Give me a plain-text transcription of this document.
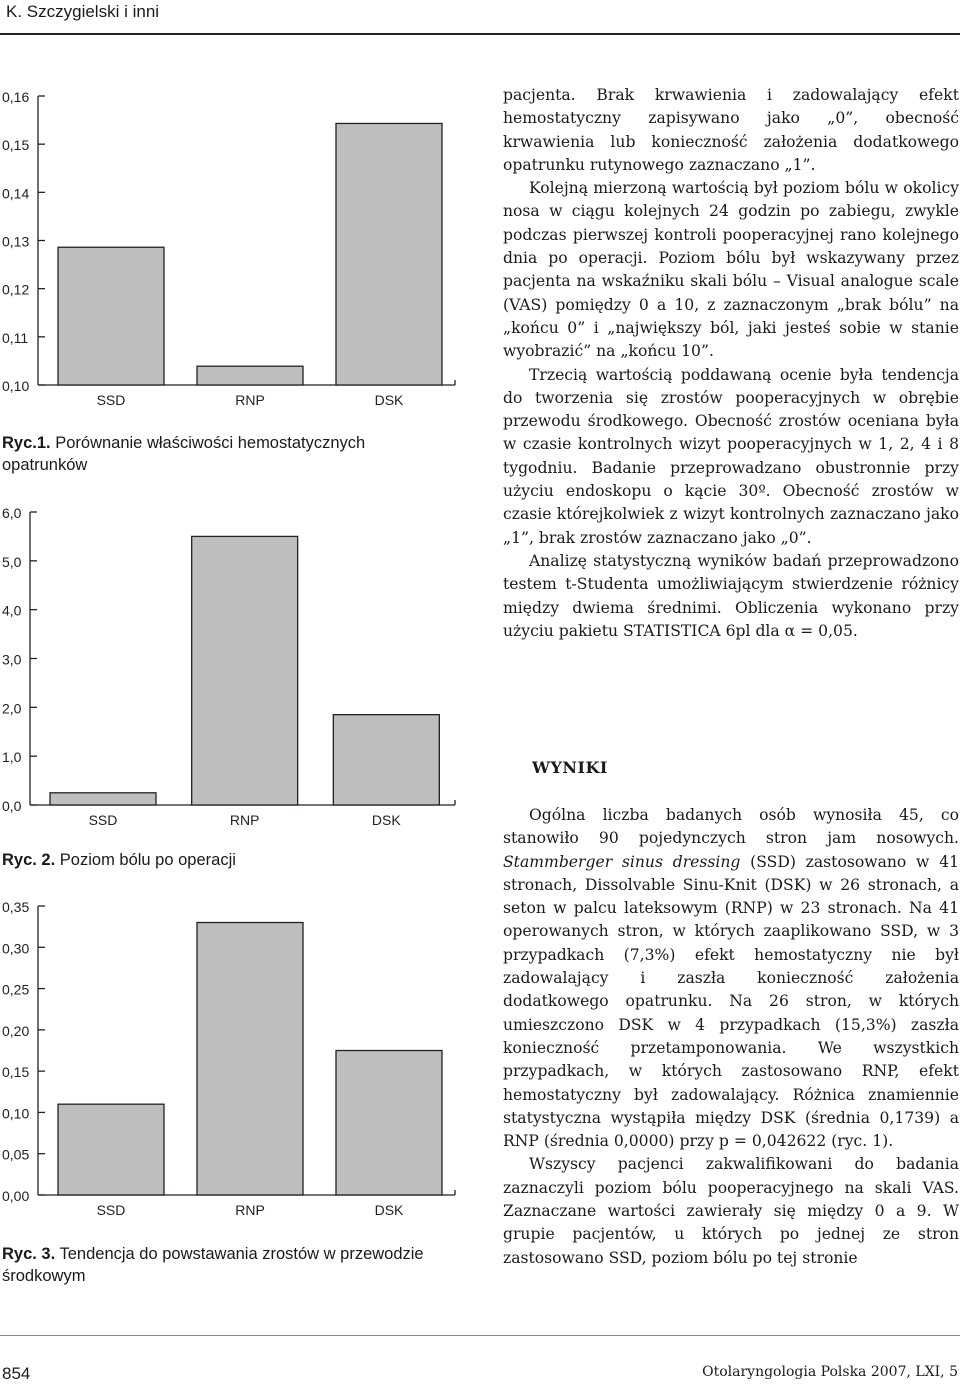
K. Szczygielski i inni
0,16
0,15
0,14
0,13
0,12
0,11
0,10
SSD	RNP	DSK
Ryc.1. Porównanie właściwości hemostatycznych opatrunków
6,0
5,0
4,0
3,0
2,0
1,0
0,0
SSD	RNP	DSK
Ryc. 2. Poziom bólu po operacji
0,35
0,30
0,25
0,20
0,15
0,10
0,05
0,00
SSD	RNP	DSK
Ryc. 3. Tendencja do powstawania zrostów w przewodzie środkowym

pacjenta. Brak krwawienia i zadowalający efekt hemostatyczny zapisywano jako „0”, obecność krwawienia lub konieczność założenia dodatkowego opatrunku rutynowego zaznaczano „1”.

Kolejną mierzoną wartością był poziom bólu w okolicy nosa w ciągu kolejnych 24 godzin po zabiegu, zwykle podczas pierwszej kontroli pooperacyjnej rano kolejnego dnia po operacji. Poziom bólu był wskazywany przez pacjenta na wskaźniku skali bólu – Visual analogue scale (VAS) pomiędzy 0 a 10, z zaznaczonym „brak bólu” na „końcu 0” i „największy ból, jaki jesteś sobie w stanie wyobrazić” na „końcu 10”.

Trzecią wartością poddawaną ocenie była tendencja do tworzenia się zrostów pooperacyjnych w obrębie przewodu środkowego. Obecność zrostów oceniana była w czasie kontrolnych wizyt pooperacyjnych w 1, 2, 4 i 8 tygodniu. Badanie przeprowadzano obustronnie przy użyciu endoskopu o kącie 30º. Obecność zrostów w czasie którejkolwiek z wizyt kontrolnych zaznaczano jako „1”, brak zrostów zaznaczano jako „0”.

Analizę statystyczną wyników badań przeprowadzono testem t-Studenta umożliwiającym stwierdzenie różnicy między dwiema średnimi. Obliczenia wykonano przy użyciu pakietu STATISTICA 6pl dla α = 0,05.

WYNIKI

Ogólna liczba badanych osób wynosiła 45, co stanowiło 90 pojedynczych stron jam nosowych. Stammberger sinus dressing (SSD) zastosowano w 41 stronach, Dissolvable Sinu-Knit (DSK) w 26 stronach, a seton w palcu lateksowym (RNP) w 23 stronach. Na 41 operowanych stron, w których zaaplikowano SSD, w 3 przypadkach (7,3%) efekt hemostatyczny nie był zadowalający i zaszła konieczność założenia dodatkowego opatrunku. Na 26 stron, w których umieszczono DSK w 4 przypadkach (15,3%) zaszła konieczność przetamponowania. We wszystkich przypadkach, w których zastosowano RNP, efekt hemostatyczny był zadowalający. Różnica znamiennie statystyczna wystąpiła między DSK (średnia 0,1739) a RNP (średnia 0,0000) przy p = 0,042622 (ryc. 1).

Wszyscy pacjenci zakwalifikowani do badania zaznaczyli poziom bólu pooperacyjnego na skali VAS. Zaznaczane wartości zawierały się między 0 a 9. W grupie pacjentów, u których po jednej ze stron zastosowano SSD, poziom bólu po tej stronie

854	Otolaryngologia Polska 2007, LXI, 5
